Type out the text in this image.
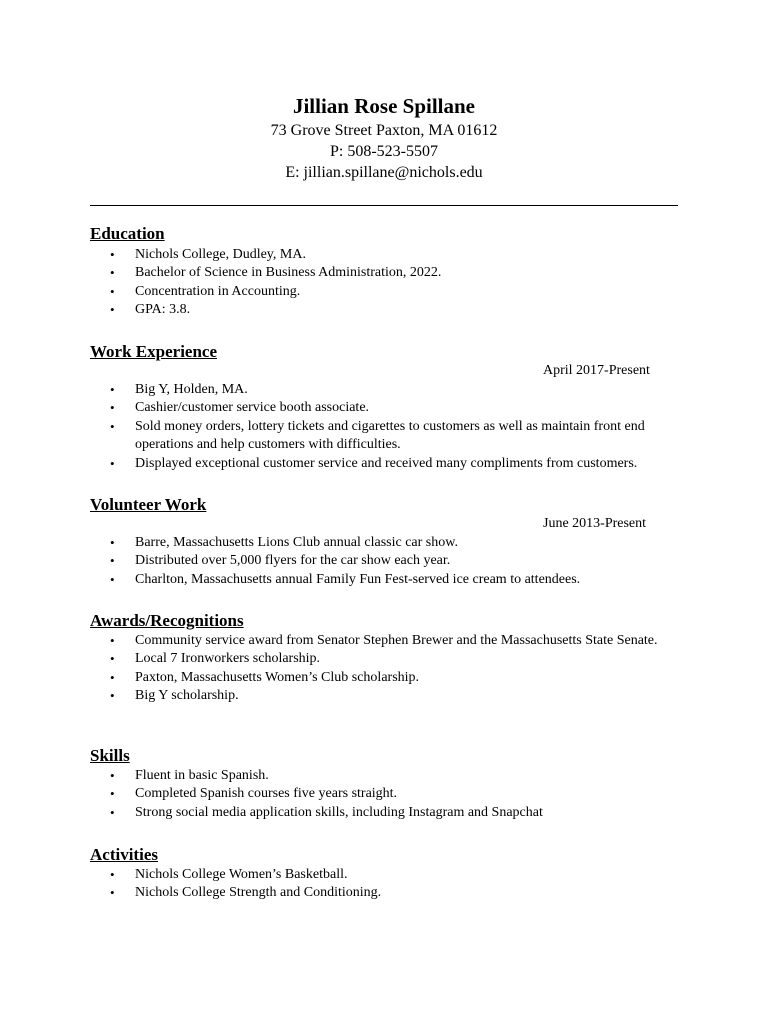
Jillian Rose Spillane
73 Grove Street Paxton, MA 01612
P: 508-523-5507
E: jillian.spillane@nichols.edu
Education
• Nichols College, Dudley, MA.
• Bachelor of Science in Business Administration, 2022.
• Concentration in Accounting.
• GPA: 3.8.
Work Experience
April 2017-Present
• Big Y, Holden, MA.
• Cashier/customer service booth associate.
• Sold money orders, lottery tickets and cigarettes to customers as well as maintain front end operations and help customers with difficulties.
• Displayed exceptional customer service and received many compliments from customers.
Volunteer Work
June 2013-Present
• Barre, Massachusetts Lions Club annual classic car show.
• Distributed over 5,000 flyers for the car show each year.
• Charlton, Massachusetts annual Family Fun Fest-served ice cream to attendees.
Awards/Recognitions
• Community service award from Senator Stephen Brewer and the Massachusetts State Senate.
• Local 7 Ironworkers scholarship.
• Paxton, Massachusetts Women’s Club scholarship.
• Big Y scholarship.
Skills
• Fluent in basic Spanish.
• Completed Spanish courses five years straight.
• Strong social media application skills, including Instagram and Snapchat
Activities
• Nichols College Women’s Basketball.
• Nichols College Strength and Conditioning.
